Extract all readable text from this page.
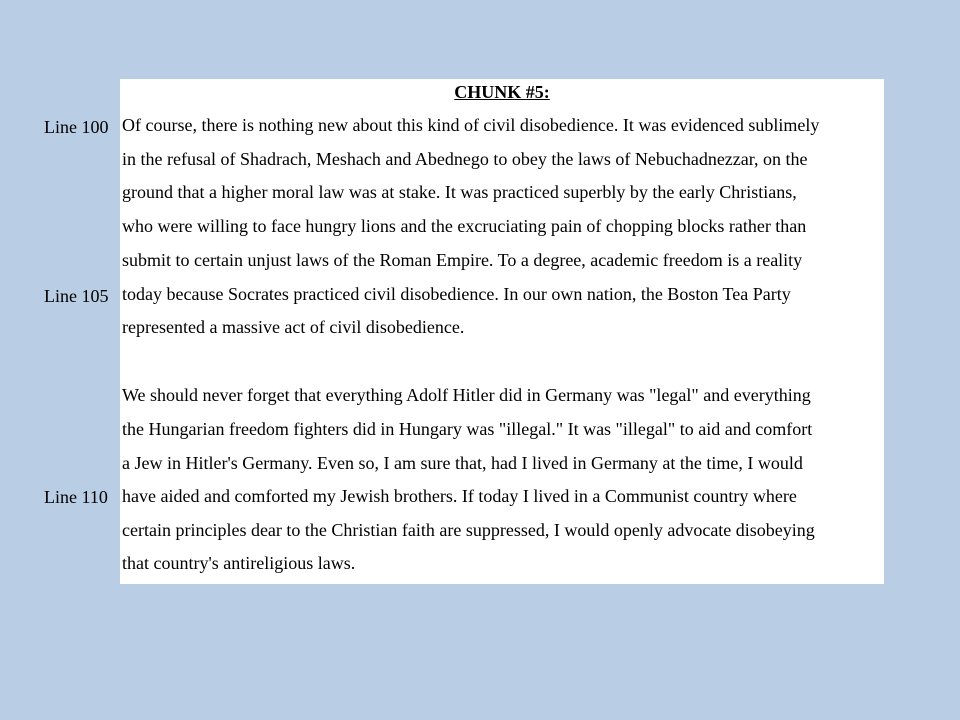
CHUNK #5:
Line 100
Line 105
Line 110
Of course, there is nothing new about this kind of civil disobedience. It was evidenced sublimely
in the refusal of Shadrach, Meshach and Abednego to obey the laws of Nebuchadnezzar, on the
ground that a higher moral law was at stake. It was practiced superbly by the early Christians,
who were willing to face hungry lions and the excruciating pain of chopping blocks rather than
submit to certain unjust laws of the Roman Empire. To a degree, academic freedom is a reality
today because Socrates practiced civil disobedience. In our own nation, the Boston Tea Party
represented a massive act of civil disobedience.
We should never forget that everything Adolf Hitler did in Germany was "legal" and everything
the Hungarian freedom fighters did in Hungary was "illegal." It was "illegal" to aid and comfort
a Jew in Hitler's Germany. Even so, I am sure that, had I lived in Germany at the time, I would
have aided and comforted my Jewish brothers. If today I lived in a Communist country where
certain principles dear to the Christian faith are suppressed, I would openly advocate disobeying
that country's antireligious laws.
